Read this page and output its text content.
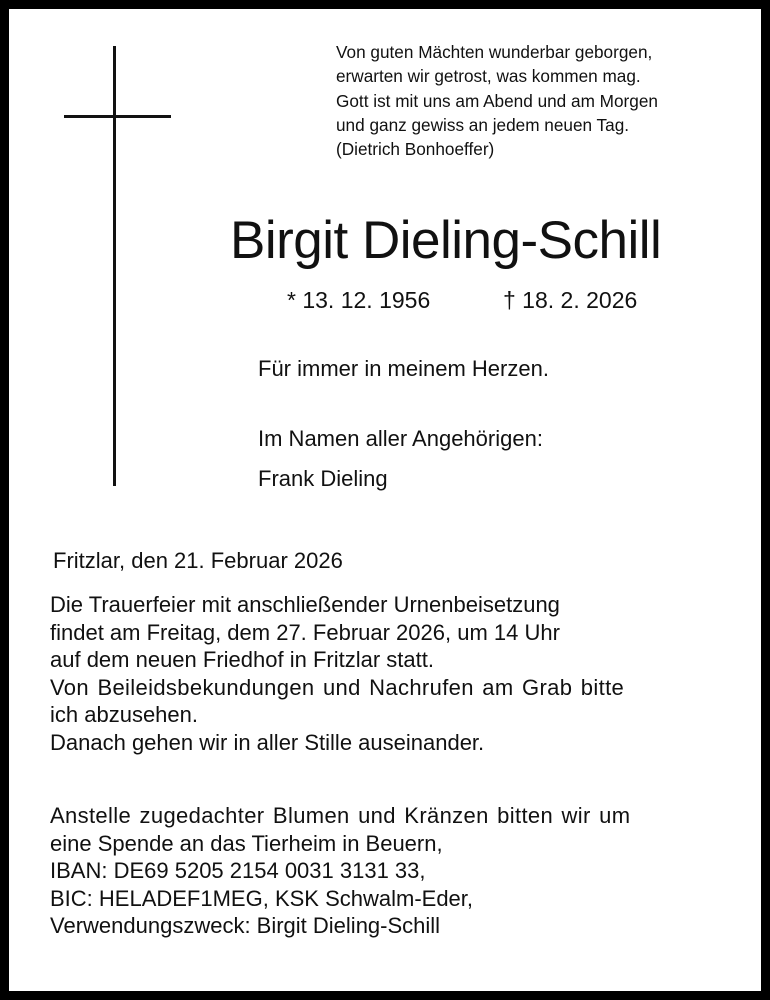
Von guten Mächten wunderbar geborgen,
erwarten wir getrost, was kommen mag.
Gott ist mit uns am Abend und am Morgen
und ganz gewiss an jedem neuen Tag.
(Dietrich Bonhoeffer)
Birgit Dieling-Schill
* 13. 12. 1956	† 18. 2. 2026
Für immer in meinem Herzen.
Im Namen aller Angehörigen:
Frank Dieling
Fritzlar, den 21. Februar 2026
Die Trauerfeier mit anschließender Urnenbeisetzung
findet am Freitag, dem 27. Februar 2026, um 14 Uhr
auf dem neuen Friedhof in Fritzlar statt.
Von Beileidsbekundungen und Nachrufen am Grab bitte
ich abzusehen.
Danach gehen wir in aller Stille auseinander.
Anstelle zugedachter Blumen und Kränzen bitten wir um
eine Spende an das Tierheim in Beuern,
IBAN: DE69 5205 2154 0031 3131 33,
BIC: HELADEF1MEG, KSK Schwalm-Eder,
Verwendungszweck: Birgit Dieling-Schill
